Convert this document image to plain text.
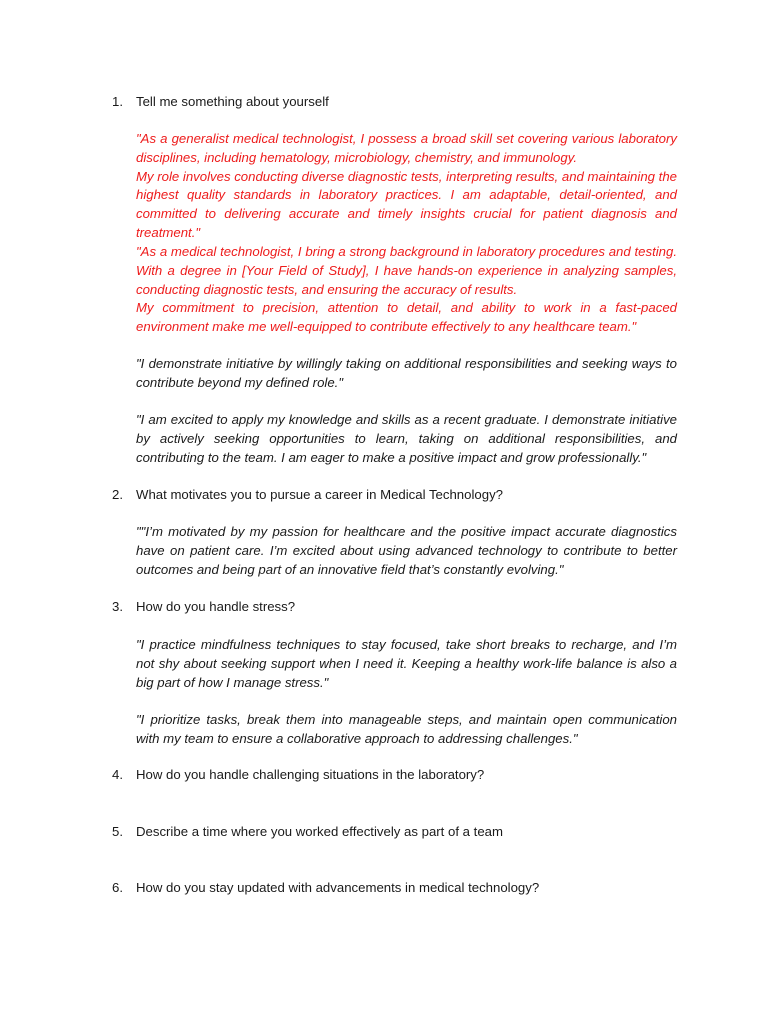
1. Tell me something about yourself
"As a generalist medical technologist, I possess a broad skill set covering various laboratory disciplines, including hematology, microbiology, chemistry, and immunology.
My role involves conducting diverse diagnostic tests, interpreting results, and maintaining the highest quality standards in laboratory practices. I am adaptable, detail-oriented, and committed to delivering accurate and timely insights crucial for patient diagnosis and treatment."
"As a medical technologist, I bring a strong background in laboratory procedures and testing. With a degree in [Your Field of Study], I have hands-on experience in analyzing samples, conducting diagnostic tests, and ensuring the accuracy of results.
My commitment to precision, attention to detail, and ability to work in a fast-paced environment make me well-equipped to contribute effectively to any healthcare team."
"I demonstrate initiative by willingly taking on additional responsibilities and seeking ways to contribute beyond my defined role."
"I am excited to apply my knowledge and skills as a recent graduate. I demonstrate initiative by actively seeking opportunities to learn, taking on additional responsibilities, and contributing to the team. I am eager to make a positive impact and grow professionally."
2. What motivates you to pursue a career in Medical Technology?
""I’m motivated by my passion for healthcare and the positive impact accurate diagnostics have on patient care. I’m excited about using advanced technology to contribute to better outcomes and being part of an innovative field that’s constantly evolving."
3. How do you handle stress?
"I practice mindfulness techniques to stay focused, take short breaks to recharge, and I’m not shy about seeking support when I need it. Keeping a healthy work-life balance is also a big part of how I manage stress."
"I prioritize tasks, break them into manageable steps, and maintain open communication with my team to ensure a collaborative approach to addressing challenges."
4. How do you handle challenging situations in the laboratory?
5. Describe a time where you worked effectively as part of a team
6. How do you stay updated with advancements in medical technology?
